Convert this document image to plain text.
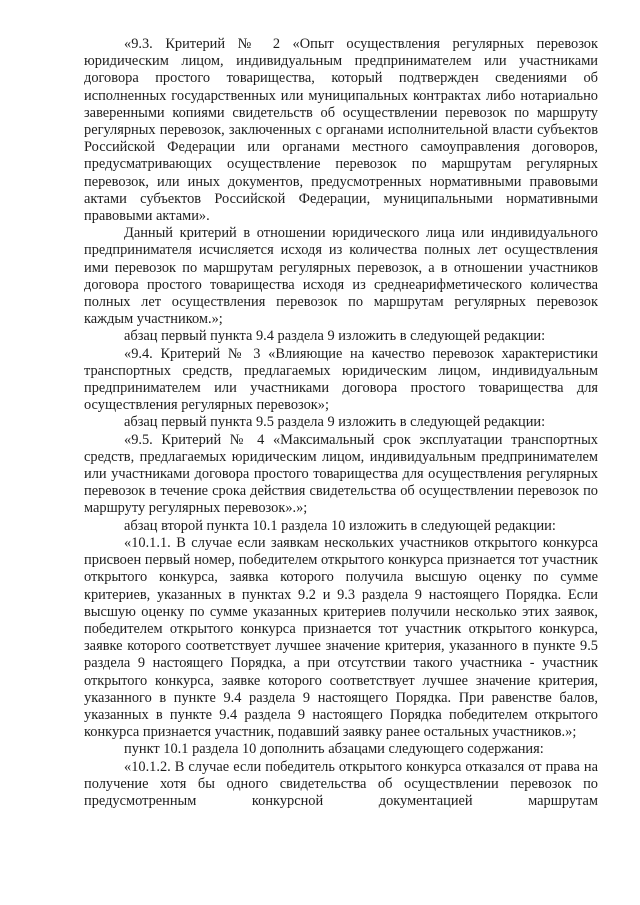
«9.3. Критерий № 2 «Опыт осуществления регулярных перевозок юридическим лицом, индивидуальным предпринимателем или участниками договора простого товарищества, который подтвержден сведениями об исполненных государственных или муниципальных контрактах либо нотариально заверенными копиями свидетельств об осуществлении перевозок по маршруту регулярных перевозок, заключенных с органами исполнительной власти субъектов Российской Федерации или органами местного самоуправления договоров, предусматривающих осуществление перевозок по маршрутам регулярных перевозок, или иных документов, предусмотренных нормативными правовыми актами субъектов Российской Федерации, муниципальными нормативными правовыми актами».

Данный критерий в отношении юридического лица или индивидуального предпринимателя исчисляется исходя из количества полных лет осуществления ими перевозок по маршрутам регулярных перевозок, а в отношении участников договора простого товарищества исходя из среднеарифметического количества полных лет осуществления перевозок по маршрутам регулярных перевозок каждым участником.»;

абзац первый пункта 9.4 раздела 9 изложить в следующей редакции:

«9.4. Критерий № 3 «Влияющие на качество перевозок характеристики транспортных средств, предлагаемых юридическим лицом, индивидуальным предпринимателем или участниками договора простого товарищества для осуществления регулярных перевозок»;

абзац первый пункта 9.5 раздела 9 изложить в следующей редакции:

«9.5. Критерий № 4 «Максимальный срок эксплуатации транспортных средств, предлагаемых юридическим лицом, индивидуальным предпринимателем или участниками договора простого товарищества для осуществления регулярных перевозок в течение срока действия свидетельства об осуществлении перевозок по маршруту регулярных перевозок».»;

абзац второй пункта 10.1 раздела 10 изложить в следующей редакции:

«10.1.1. В случае если заявкам нескольких участников открытого конкурса присвоен первый номер, победителем открытого конкурса признается тот участник открытого конкурса, заявка которого получила высшую оценку по сумме критериев, указанных в пунктах 9.2 и 9.3 раздела 9 настоящего Порядка. Если высшую оценку по сумме указанных критериев получили несколько этих заявок, победителем открытого конкурса признается тот участник открытого конкурса, заявке которого соответствует лучшее значение критерия, указанного в пункте 9.5 раздела 9 настоящего Порядка, а при отсутствии такого участника - участник открытого конкурса, заявке которого соответствует лучшее значение критерия, указанного в пункте 9.4 раздела 9 настоящего Порядка. При равенстве балов, указанных в пункте 9.4 раздела 9 настоящего Порядка победителем открытого конкурса признается участник, подавший заявку ранее остальных участников.»;

пункт 10.1 раздела 10 дополнить абзацами следующего содержания:

«10.1.2. В случае если победитель открытого конкурса отказался от права на получение хотя бы одного свидетельства об осуществлении перевозок по предусмотренным конкурсной документацией маршрутам
